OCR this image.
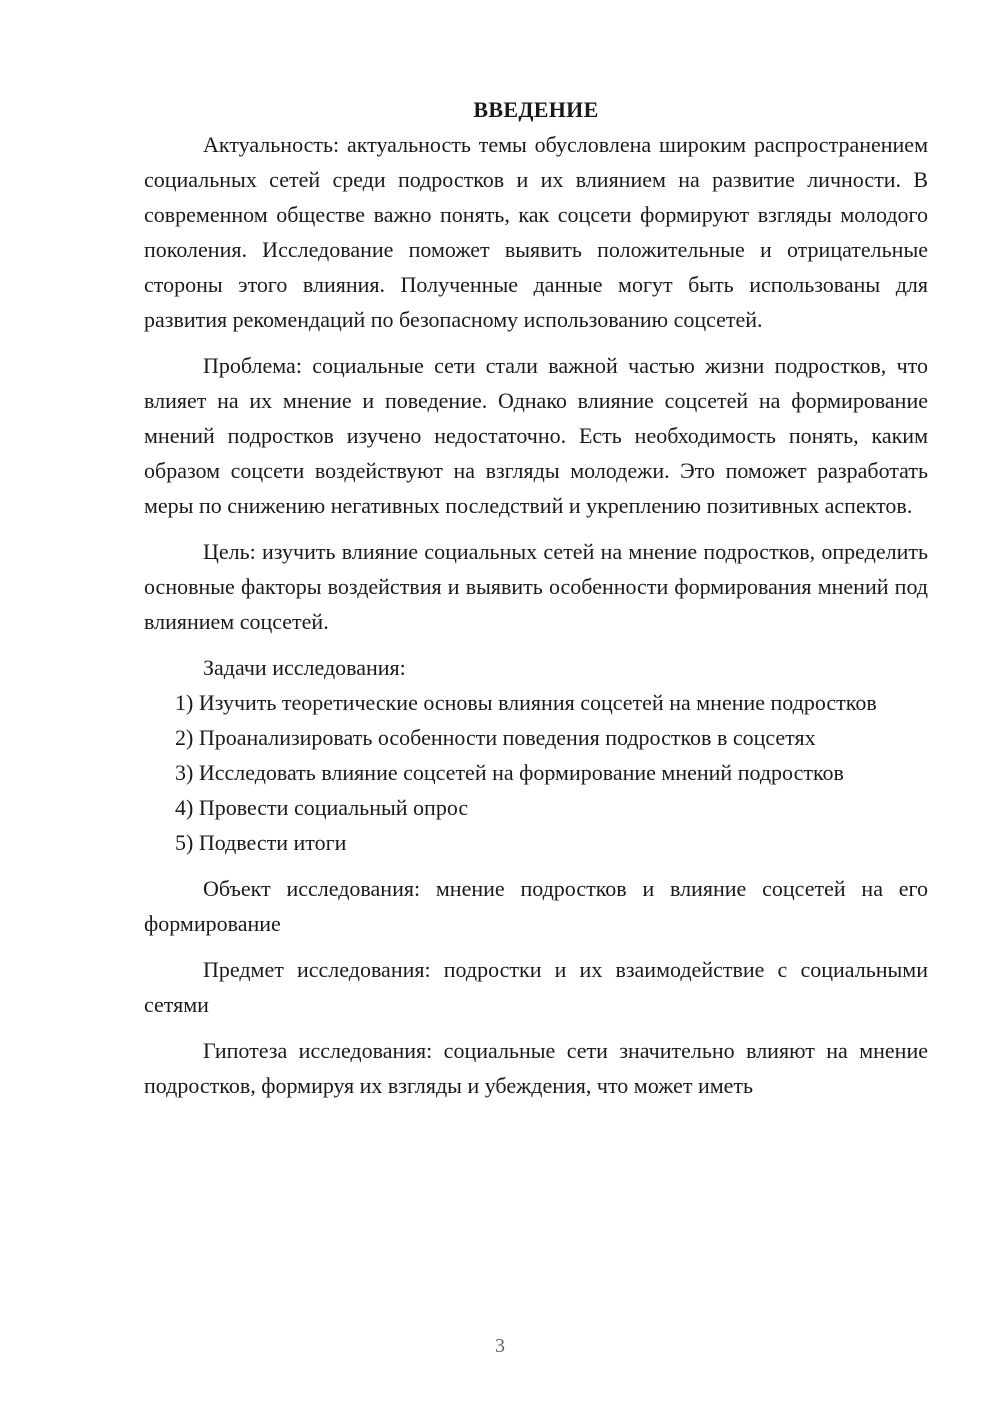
ВВЕДЕНИЕ

Актуальность: актуальность темы обусловлена широким распространением социальных сетей среди подростков и их влиянием на развитие личности. В современном обществе важно понять, как соцсети формируют взгляды молодого поколения. Исследование поможет выявить положительные и отрицательные стороны этого влияния. Полученные данные могут быть использованы для развития рекомендаций по безопасному использованию соцсетей.

Проблема: социальные сети стали важной частью жизни подростков, что влияет на их мнение и поведение. Однако влияние соцсетей на формирование мнений подростков изучено недостаточно. Есть необходимость понять, каким образом соцсети воздействуют на взгляды молодежи. Это поможет разработать меры по снижению негативных последствий и укреплению позитивных аспектов.

Цель: изучить влияние социальных сетей на мнение подростков, определить основные факторы воздействия и выявить особенности формирования мнений под влиянием соцсетей.

Задачи исследования:

1) Изучить теоретические основы влияния соцсетей на мнение подростков

2) Проанализировать особенности поведения подростков в соцсетях

3) Исследовать влияние соцсетей на формирование мнений подростков

4) Провести социальный опрос

5) Подвести итоги

Объект исследования: мнение подростков и влияние соцсетей на его формирование

Предмет исследования: подростки и их взаимодействие с социальными сетями

Гипотеза исследования: социальные сети значительно влияют на мнение подростков, формируя их взгляды и убеждения, что может иметь

3
